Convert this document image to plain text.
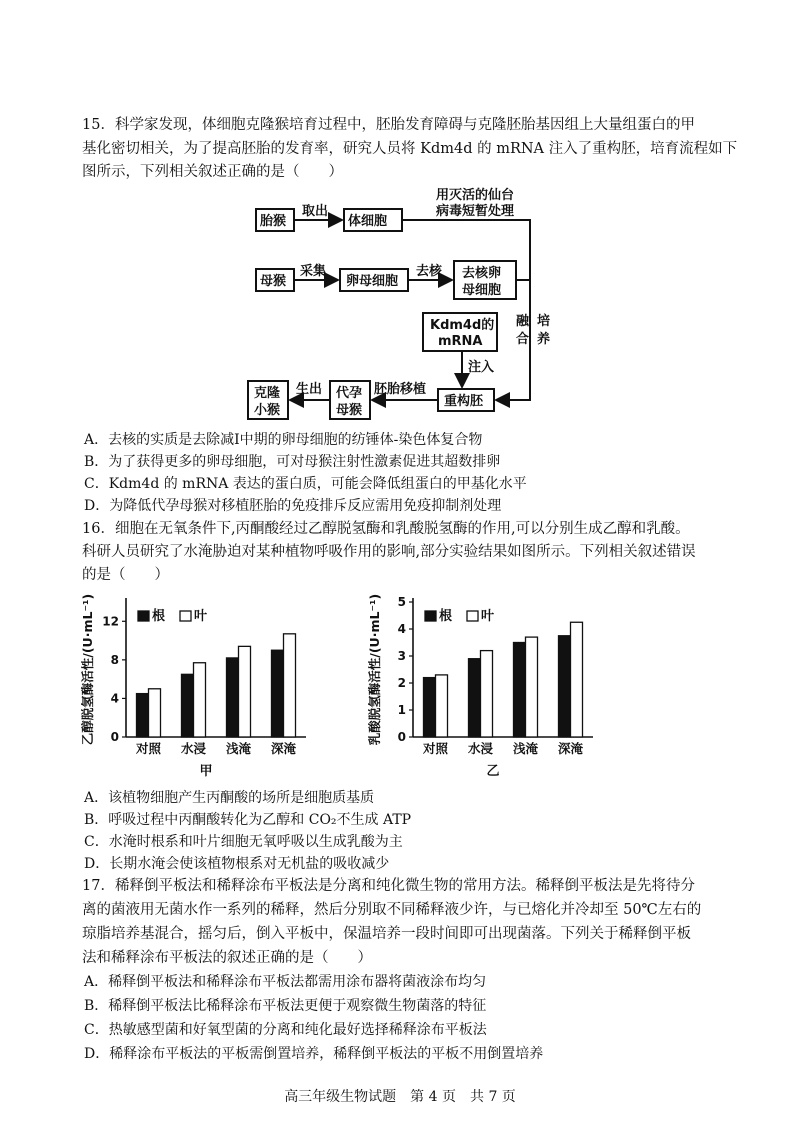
15．科学家发现，体细胞克隆猴培育过程中，胚胎发育障碍与克隆胚胎基因组上大量组蛋白的甲
基化密切相关，为了提高胚胎的发育率，研究人员将 Kdm4d 的 mRNA 注入了重构胚，培育流程如下
图所示，下列相关叙述正确的是（　　）
胎猴
取出
体细胞
用灭活的仙台
病毒短暂处理
母猴
采集
卵母细胞
去核 去核卵
母细胞
Kdm4d的
mRNA
融
合
培
养
注入
重构胚
胚胎移植
代孕
母猴
生出
克隆
小猴
A．去核的实质是去除减Ⅰ中期的卵母细胞的纺锤体-染色体复合物
B．为了获得更多的卵母细胞，可对母猴注射性激素促进其超数排卵
C．Kdm4d 的 mRNA 表达的蛋白质，可能会降低组蛋白的甲基化水平
D．为降低代孕母猴对移植胚胎的免疫排斥反应需用免疫抑制剂处理
16．细胞在无氧条件下,丙酮酸经过乙醇脱氢酶和乳酸脱氢酶的作用,可以分别生成乙醇和乳酸。
科研人员研究了水淹胁迫对某种植物呼吸作用的影响,部分实验结果如图所示。下列相关叙述错误
的是（　　）
0
4
8
12
乙醇脱氢酶活性/(U·mL⁻¹)
对照 水浸 浅淹 深淹
根 叶
甲
0
1
2
3
4
5
乳酸脱氢酶活性/(U·mL⁻¹)
对照 水浸 浅淹 深淹
根 叶
乙
A．该植物细胞产生丙酮酸的场所是细胞质基质
B．呼吸过程中丙酮酸转化为乙醇和 CO₂不生成 ATP
C．水淹时根系和叶片细胞无氧呼吸以生成乳酸为主
D．长期水淹会使该植物根系对无机盐的吸收减少
17．稀释倒平板法和稀释涂布平板法是分离和纯化微生物的常用方法。稀释倒平板法是先将待分
离的菌液用无菌水作一系列的稀释，然后分别取不同稀释液少许，与已熔化并冷却至 50℃左右的
琼脂培养基混合，摇匀后，倒入平板中，保温培养一段时间即可出现菌落。下列关于稀释倒平板
法和稀释涂布平板法的叙述正确的是（　　）
A．稀释倒平板法和稀释涂布平板法都需用涂布器将菌液涂布均匀
B．稀释倒平板法比稀释涂布平板法更便于观察微生物菌落的特征
C．热敏感型菌和好氧型菌的分离和纯化最好选择稀释涂布平板法
D．稀释涂布平板法的平板需倒置培养，稀释倒平板法的平板不用倒置培养
高三年级生物试题　第 4 页　共 7 页
